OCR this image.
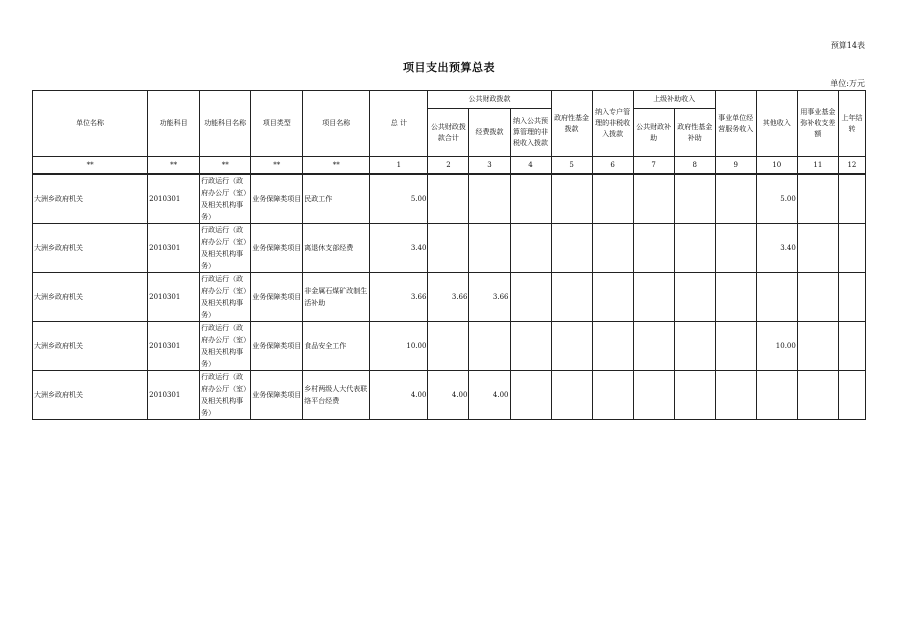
预算14表
项目支出预算总表
单位:万元
单位名称	功能科目	功能科目名称	项目类型	项目名称	总 计	公共财政拨款			政府性基金拨款	纳入专户管理的非税收入拨款	上级补助收入		事业单位经营服务收入	其他收入	用事业基金弥补收支差额	上年结转
						公共财政拨款合计	经费拨款	纳入公共预算管理的非税收入拨款			公共财政补助	政府性基金补助				
**	**	**	**	**	1	2	3	4	5	6	7	8	9	10	11	12
大洲乡政府机关	2010301	行政运行（政府办公厅（室）及相关机构事务）	业务保障类项目	民政工作	5.00									5.00		
大洲乡政府机关	2010301	行政运行（政府办公厅（室）及相关机构事务）	业务保障类项目	离退休支部经费	3.40									3.40		
大洲乡政府机关	2010301	行政运行（政府办公厅（室）及相关机构事务）	业务保障类项目	非金属石煤矿改制生活补助	3.66	3.66	3.66									
大洲乡政府机关	2010301	行政运行（政府办公厅（室）及相关机构事务）	业务保障类项目	食品安全工作	10.00									10.00		
大洲乡政府机关	2010301	行政运行（政府办公厅（室）及相关机构事务）	业务保障类项目	乡村两级人大代表联络平台经费	4.00	4.00	4.00									
